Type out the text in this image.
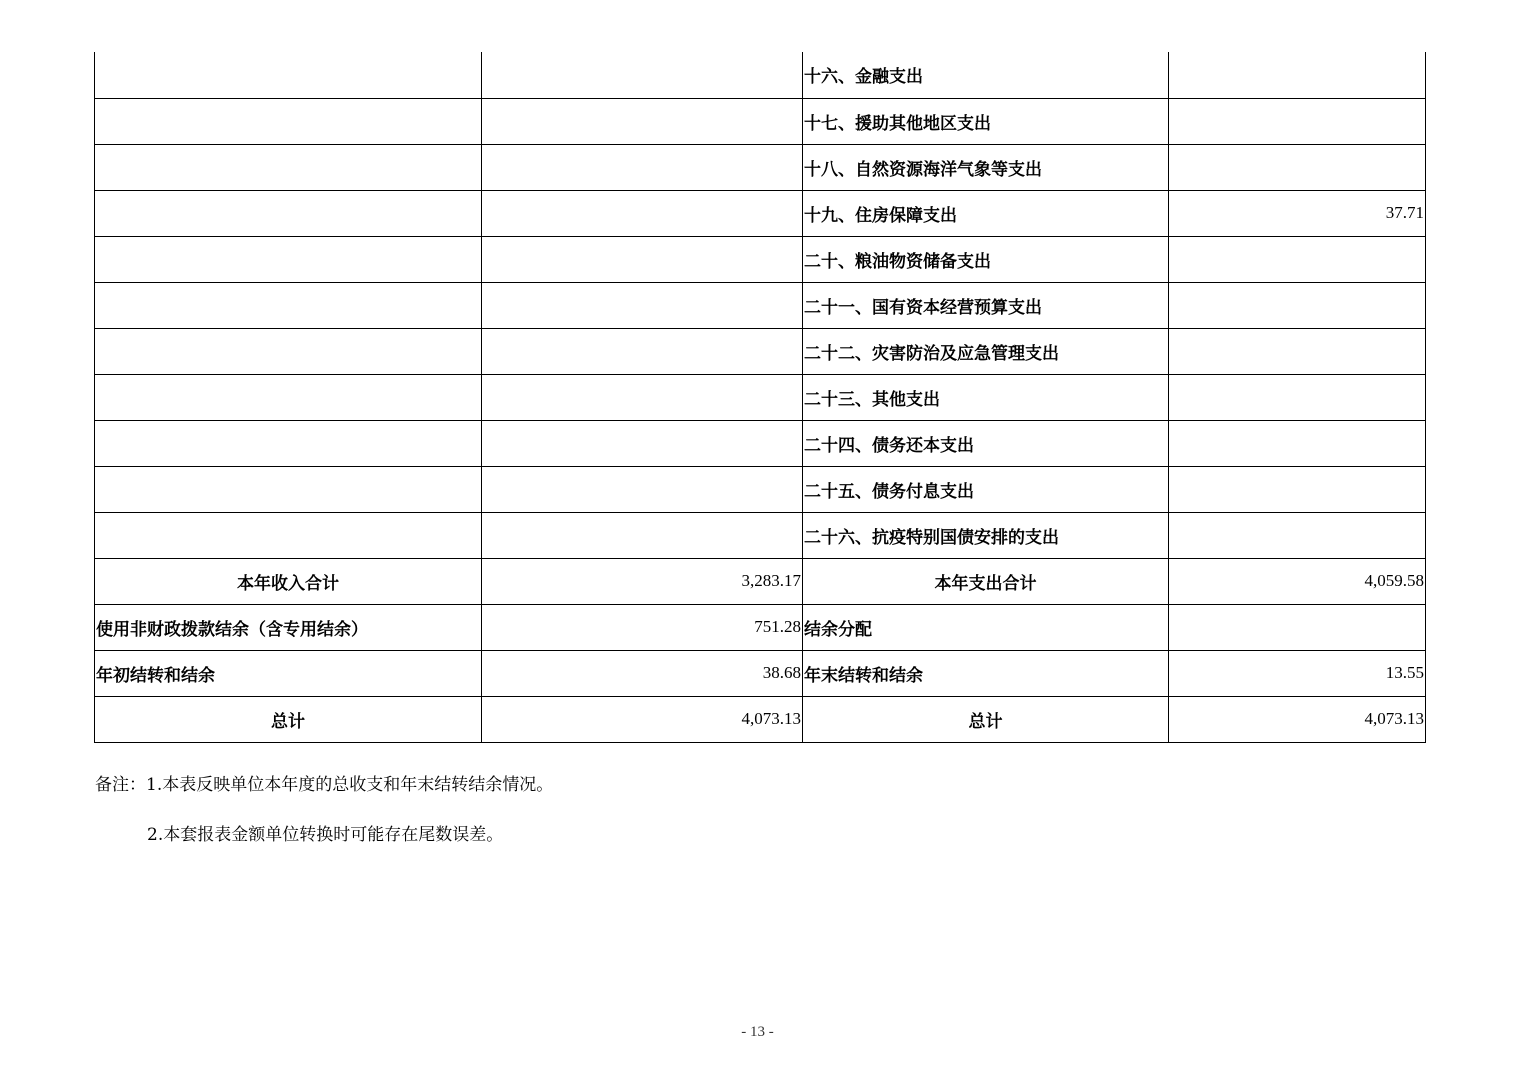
		十六、金融支出	
		十七、援助其他地区支出	
		十八、自然资源海洋气象等支出	
		十九、住房保障支出	37.71
		二十、粮油物资储备支出	
		二十一、国有资本经营预算支出	
		二十二、灾害防治及应急管理支出	
		二十三、其他支出	
		二十四、债务还本支出	
		二十五、债务付息支出	
		二十六、抗疫特别国债安排的支出	
本年收入合计	3,283.17	本年支出合计	4,059.58
使用非财政拨款结余（含专用结余）	751.28	结余分配	
年初结转和结余	38.68	年末结转和结余	13.55
总计	4,073.13	总计	4,073.13
备注：1.本表反映单位本年度的总收支和年末结转结余情况。
2.本套报表金额单位转换时可能存在尾数误差。
- 13 -
